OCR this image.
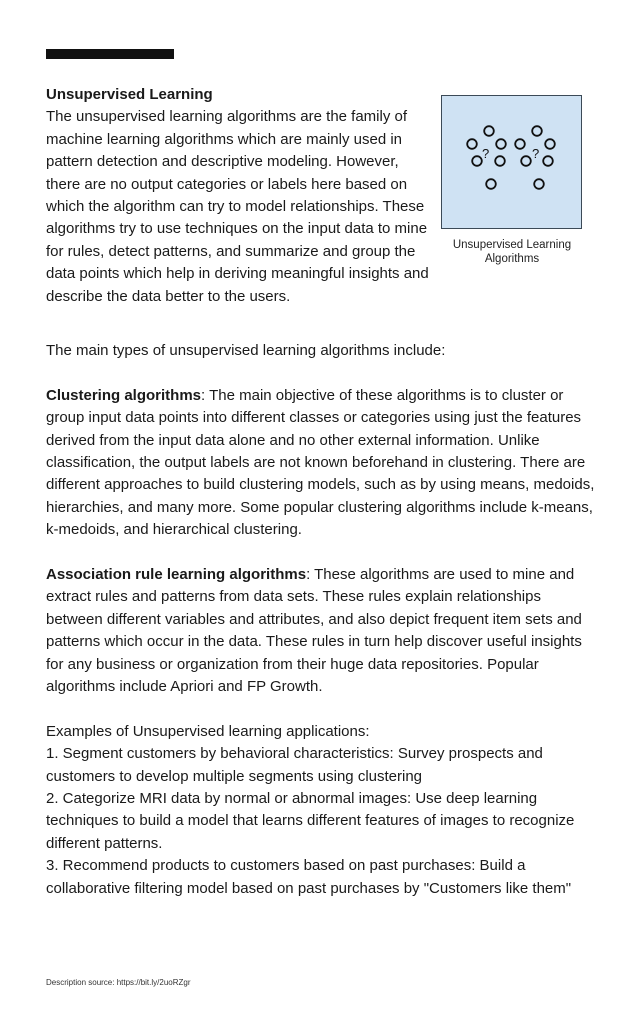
Unsupervised Learning
The unsupervised learning algorithms are the family of machine learning algorithms which are mainly used in pattern detection and descriptive modeling. However, there are no output categories or labels here based on which the algorithm can try to model relationships. These algorithms try to use techniques on the input data to mine for rules, detect patterns, and summarize and group the data points which help in deriving meaningful insights and describe the data better to the users.
?	?
Unsupervised Learning Algorithms

The main types of unsupervised learning algorithms include:

Clustering algorithms: The main objective of these algorithms is to cluster or group input data points into different classes or categories using just the features derived from the input data alone and no other external information. Unlike classification, the output labels are not known beforehand in clustering. There are different approaches to build clustering models, such as by using means, medoids, hierarchies, and many more. Some popular clustering algorithms include k-means, k-medoids, and hierarchical clustering.

Association rule learning algorithms: These algorithms are used to mine and extract rules and patterns from data sets. These rules explain relationships between different variables and attributes, and also depict frequent item sets and patterns which occur in the data. These rules in turn help discover useful insights for any business or organization from their huge data repositories. Popular algorithms include Apriori and FP Growth.

Examples of Unsupervised learning applications:

1. Segment customers by behavioral characteristics: Survey prospects and customers to develop multiple segments using clustering

2. Categorize MRI data by normal or abnormal images: Use deep learning techniques to build a model that learns different features of images to recognize different patterns.

3. Recommend products to customers based on past purchases: Build a collaborative filtering model based on past purchases by "Customers like them"

Description source: https://bit.ly/2uoRZgr
